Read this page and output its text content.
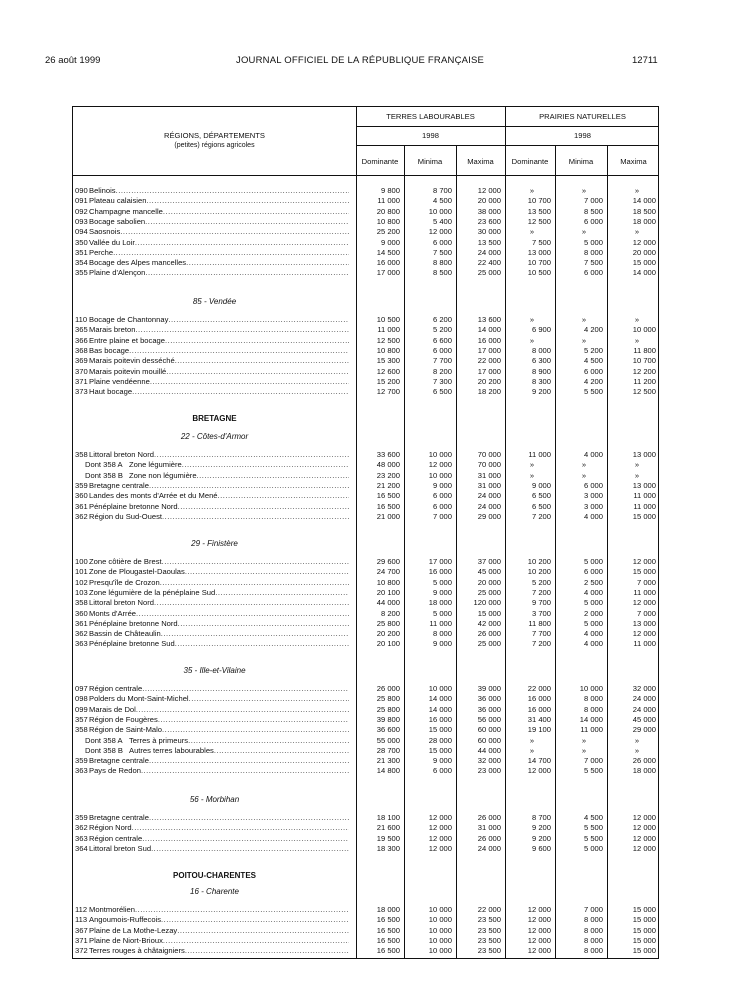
26 août 1999	JOURNAL OFFICIEL DE LA RÉPUBLIQUE FRANÇAISE	12711
RÉGIONS, DÉPARTEMENTS
(petites) régions agricoles
TERRES LABOURABLES	PRAIRIES NATURELLES
1998	1998
Dominante	Minima	Maxima	Dominante	Minima	Maxima
090 Belinois .....	9 800	8 700	12 000	»	»	»
091 Plateau calaisien .....	11 000	4 500	20 000	10 700	7 000	14 000
092 Champagne mancelle .....	20 800	10 000	38 000	13 500	8 500	18 500
093 Bocage sabolien .....	10 800	5 400	23 600	12 500	6 000	18 000
094 Saosnois .....	25 200	12 000	30 000	»	»	»
350 Vallée du Loir .....	9 000	6 000	13 500	7 500	5 000	12 000
351 Perche .....	14 500	7 500	24 000	13 000	8 000	20 000
354 Bocage des Alpes mancelles .....	16 000	8 800	22 400	10 700	7 500	15 000
355 Plaine d'Alençon .....	17 000	8 500	25 000	10 500	6 000	14 000
85 - Vendée
110 Bocage de Chantonnay .....	10 500	6 200	13 600	»	»	»
365 Marais breton .....	11 000	5 200	14 000	6 900	4 200	10 000
366 Entre plaine et bocage .....	12 500	6 600	16 000	»	»	»
368 Bas bocage .....	10 800	6 000	17 000	8 000	5 200	11 800
369 Marais poitevin desséché .....	15 300	7 700	22 000	6 300	4 500	10 700
370 Marais poitevin mouillé .....	12 600	8 200	17 000	8 900	6 000	12 200
371 Plaine vendéenne .....	15 200	7 300	20 200	8 300	4 200	11 200
373 Haut bocage .....	12 700	6 500	18 200	9 200	5 500	12 500
BRETAGNE
22 - Côtes-d'Armor
358 Littoral breton Nord .....	33 600	10 000	70 000	11 000	4 000	13 000
Dont 358 A Zone légumière .....	48 000	12 000	70 000	»	»	»
Dont 358 B Zone non légumière .....	23 200	10 000	31 000	»	»	»
359 Bretagne centrale .....	21 200	9 000	31 000	9 000	6 000	13 000
360 Landes des monts d'Arrée et du Mené .....	16 500	6 000	24 000	6 500	3 000	11 000
361 Pénéplaine bretonne Nord .....	16 500	6 000	24 000	6 500	3 000	11 000
362 Région du Sud-Ouest .....	21 000	7 000	29 000	7 200	4 000	15 000
29 - Finistère
100 Zone côtière de Brest .....	29 600	17 000	37 000	10 200	5 000	12 000
101 Zone de Plougastel-Daoulas .....	24 700	16 000	45 000	10 200	6 000	15 000
102 Presqu'île de Crozon .....	10 800	5 000	20 000	5 200	2 500	7 000
103 Zone légumière de la pénéplaine Sud .....	20 100	9 000	25 000	7 200	4 000	11 000
358 Littoral breton Nord .....	44 000	18 000	120 000	9 700	5 000	12 000
360 Monts d'Arrée .....	8 200	5 000	15 000	3 700	2 000	7 000
361 Pénéplaine bretonne Nord .....	25 800	11 000	42 000	11 800	5 000	13 000
362 Bassin de Châteaulin .....	20 200	8 000	26 000	7 700	4 000	12 000
363 Pénéplaine bretonne Sud .....	20 100	9 000	25 000	7 200	4 000	11 000
35 - Ille-et-Vilaine
097 Région centrale .....	26 000	10 000	39 000	22 000	10 000	32 000
098 Polders du Mont-Saint-Michel .....	25 800	14 000	36 000	16 000	8 000	24 000
099 Marais de Dol .....	25 800	14 000	36 000	16 000	8 000	24 000
357 Région de Fougères .....	39 800	16 000	56 000	31 400	14 000	45 000
358 Région de Saint-Malo .....	36 600	15 000	60 000	19 100	11 000	29 000
Dont 358 A Terres à primeurs .....	55 000	28 000	60 000	»	»	»
Dont 358 B Autres terres labourables .....	28 700	15 000	44 000	»	»	»
359 Bretagne centrale .....	21 300	9 000	32 000	14 700	7 000	26 000
363 Pays de Redon .....	14 800	6 000	23 000	12 000	5 500	18 000
56 - Morbihan
359 Bretagne centrale .....	18 100	12 000	26 000	8 700	4 500	12 000
362 Région Nord .....	21 600	12 000	31 000	9 200	5 500	12 000
363 Région centrale .....	19 500	12 000	26 000	9 200	5 500	12 000
364 Littoral breton Sud .....	18 300	12 000	24 000	9 600	5 000	12 000
POITOU-CHARENTES
16 - Charente
112 Montmorélien .....	18 000	10 000	22 000	12 000	7 000	15 000
113 Angoumois-Ruffecois .....	16 500	10 000	23 500	12 000	8 000	15 000
367 Plaine de La Mothe-Lezay .....	16 500	10 000	23 500	12 000	8 000	15 000
371 Plaine de Niort-Brioux .....	16 500	10 000	23 500	12 000	8 000	15 000
372 Terres rouges à châtaigniers .....	16 500	10 000	23 500	12 000	8 000	15 000
